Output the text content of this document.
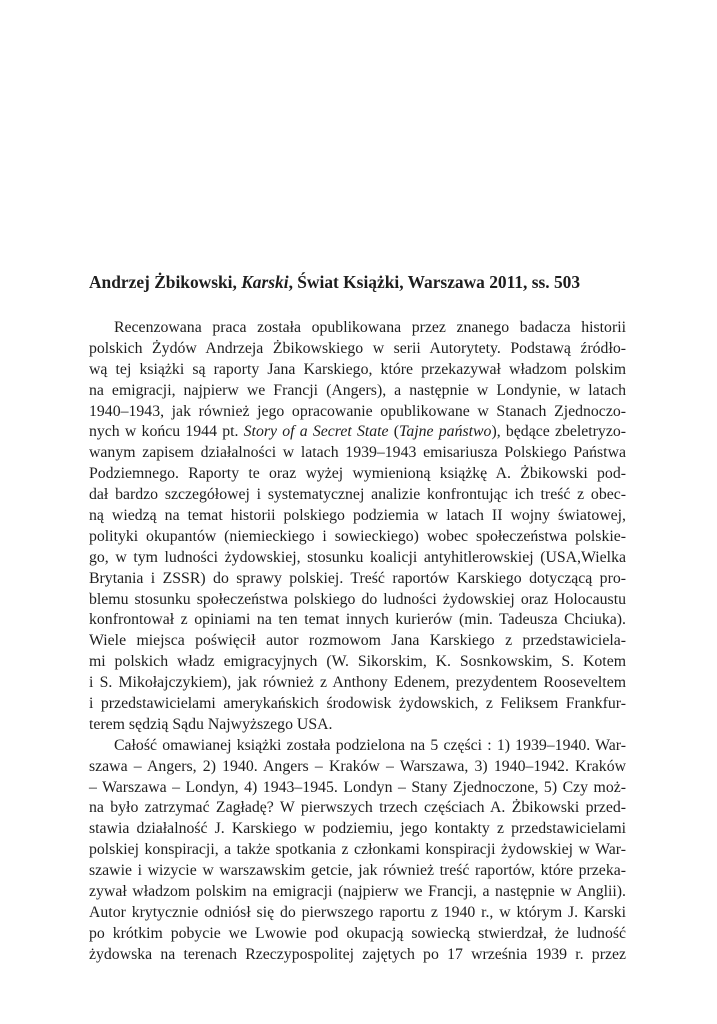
Andrzej Żbikowski, Karski, Świat Książki, Warszawa 2011, ss. 503
Recenzowana praca została opublikowana przez znanego badacza historii
polskich Żydów Andrzeja Żbikowskiego w serii Autorytety. Podstawą źródło-
wą tej książki są raporty Jana Karskiego, które przekazywał władzom polskim
na emigracji, najpierw we Francji (Angers), a następnie w Londynie, w latach
1940–1943, jak również jego opracowanie opublikowane w Stanach Zjednoczo-
nych w końcu 1944 pt. Story of a Secret State (Tajne państwo), będące zbeletryzo-
wanym zapisem działalności w latach 1939–1943 emisariusza Polskiego Państwa
Podziemnego. Raporty te oraz wyżej wymienioną książkę A. Żbikowski pod-
dał bardzo szczegółowej i systematycznej analizie konfrontując ich treść z obec-
ną wiedzą na temat historii polskiego podziemia w latach II wojny światowej,
polityki okupantów (niemieckiego i sowieckiego) wobec społeczeństwa polskie-
go, w tym ludności żydowskiej, stosunku koalicji antyhitlerowskiej (USA,Wielka
Brytania i ZSSR) do sprawy polskiej. Treść raportów Karskiego dotyczącą pro-
blemu stosunku społeczeństwa polskiego do ludności żydowskiej oraz Holocaustu
konfrontował z opiniami na ten temat innych kurierów (min. Tadeusza Chciuka).
Wiele miejsca poświęcił autor rozmowom Jana Karskiego z przedstawiciela-
mi polskich władz emigracyjnych (W. Sikorskim, K. Sosnkowskim, S. Kotem
i S. Mikołajczykiem), jak również z Anthony Edenem, prezydentem Rooseveltem
i przedstawicielami amerykańskich środowisk żydowskich, z Feliksem Frankfur-
terem sędzią Sądu Najwyższego USA.
Całość omawianej książki została podzielona na 5 części : 1) 1939–1940. War-
szawa – Angers, 2) 1940. Angers – Kraków – Warszawa, 3) 1940–1942. Kraków
– Warszawa – Londyn, 4) 1943–1945. Londyn – Stany Zjednoczone, 5) Czy moż-
na było zatrzymać Zagładę? W pierwszych trzech częściach A. Żbikowski przed-
stawia działalność J. Karskiego w podziemiu, jego kontakty z przedstawicielami
polskiej konspiracji, a także spotkania z członkami konspiracji żydowskiej w War-
szawie i wizycie w warszawskim getcie, jak również treść raportów, które przeka-
zywał władzom polskim na emigracji (najpierw we Francji, a następnie w Anglii).
Autor krytycznie odniósł się do pierwszego raportu z 1940 r., w którym J. Karski
po krótkim pobycie we Lwowie pod okupacją sowiecką stwierdzał, że ludność
żydowska na terenach Rzeczypospolitej zajętych po 17 września 1939 r. przez
